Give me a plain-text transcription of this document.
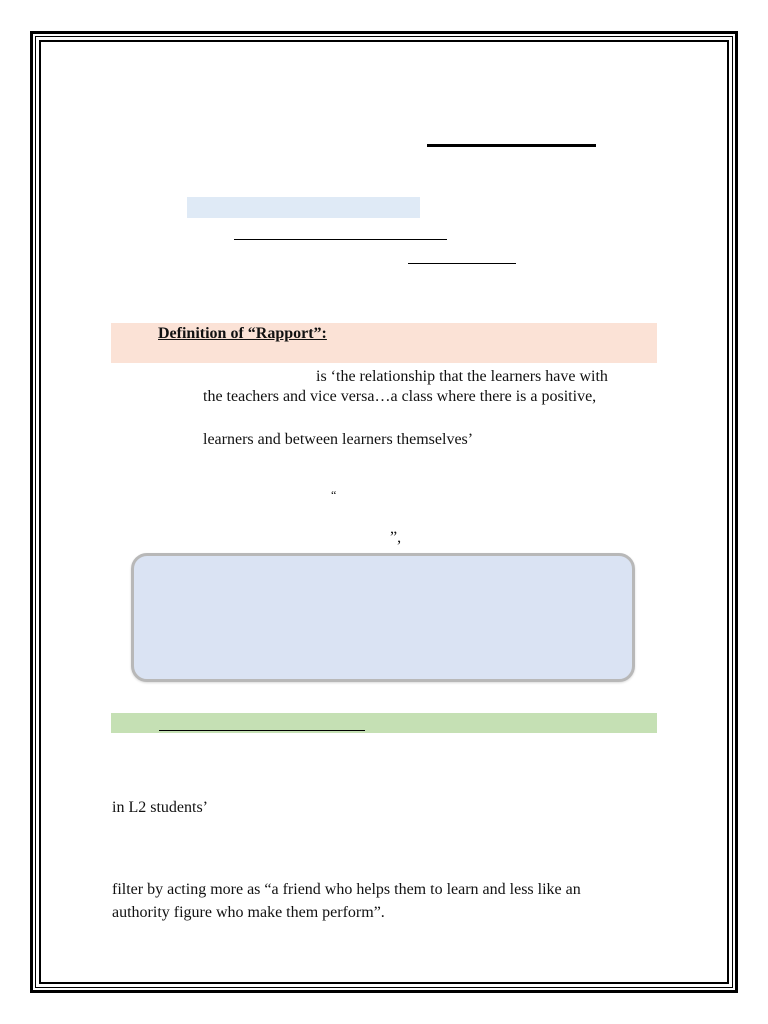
Definition of “Rapport”:
is ‘the relationship that the learners have with
the teachers and vice versa…a class where there is a positive,
learners and between learners themselves’
“
”,
in L2 students’
filter by acting more as “a friend who helps them to learn and less like an
authority figure who make them perform”.
